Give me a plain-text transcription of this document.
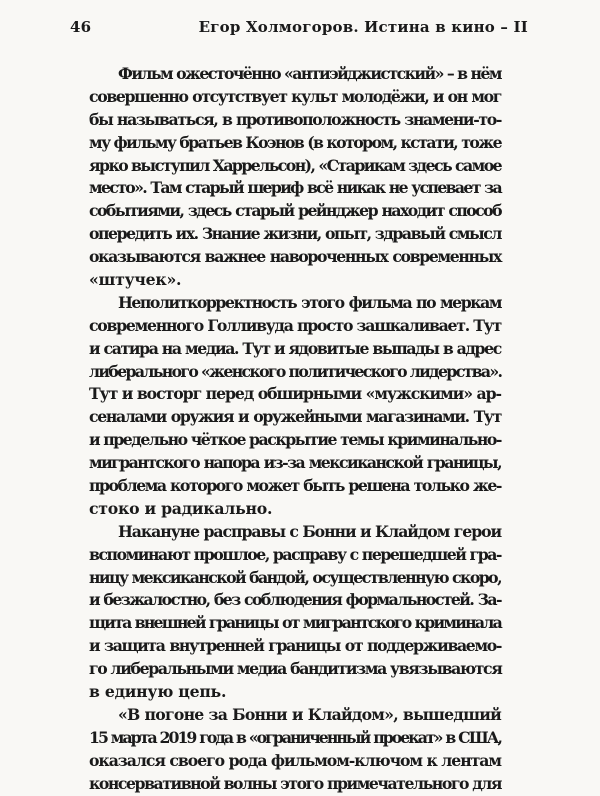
46	Егор Холмогоров. Истина в кино – II

Фильм ожесточённо «антиэйджистский» – в нём
совершенно отсутствует культ молодёжи, и он мог
бы называться, в противоположность знамени-то-
му фильму братьев Коэнов (в котором, кстати, тоже
ярко выступил Харрельсон), «Старикам здесь самое
место». Там старый шериф всё никак не успевает за
событиями, здесь старый рейнджер находит способ
опередить их. Знание жизни, опыт, здравый смысл
оказываются важнее навороченных современных
«штучек».

Неполиткорректность этого фильма по меркам
современного Голливуда просто зашкаливает. Тут
и сатира на медиа. Тут и ядовитые выпады в адрес
либерального «женского политического лидерства».
Тут и восторг перед обширными «мужскими» ар-
сеналами оружия и оружейными магазинами. Тут
и предельно чёткое раскрытие темы криминально-
мигрантского напора из-за мексиканской границы,
проблема которого может быть решена только же-
стоко и радикально.

Накануне расправы с Бонни и Клайдом герои
вспоминают прошлое, расправу с перешедшей гра-
ницу мексиканской бандой, осуществленную скоро,
и безжалостно, без соблюдения формальностей. За-
щита внешней границы от мигрантского криминала
и защита внутренней границы от поддерживаемо-
го либеральными медиа бандитизма увязываются
в единую цепь.

«В погоне за Бонни и Клайдом», вышедший
15 марта 2019 года в «ограниченный проекат» в США,
оказался своего рода фильмом-ключом к лентам
консервативной волны этого примечательного для
